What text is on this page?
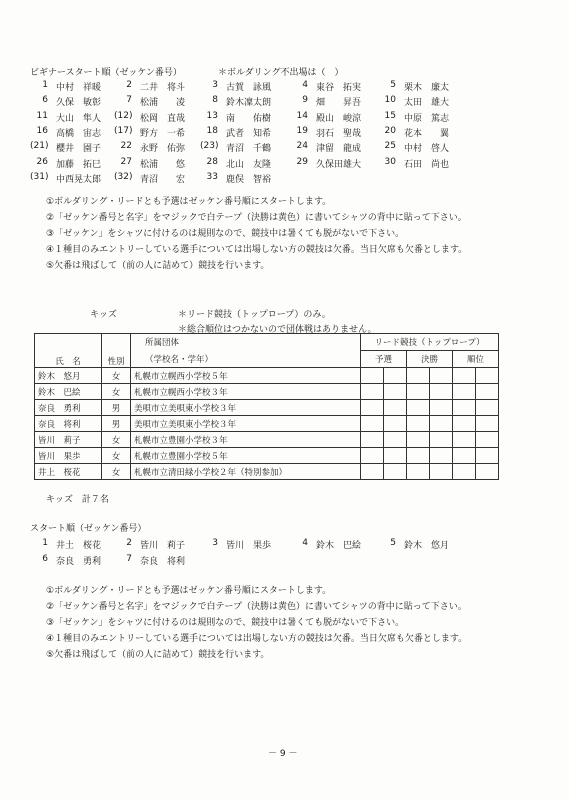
ビギナースタート順（ゼッケン番号）	＊ボルダリング不出場は（　）
1 中村　祥暖	2 二井　将斗	3 古賀　詠風	4 東谷　拓実	5 栗木　廉太
6 久保　敏彰	7 松浦　　凌	8 鈴木凜太朗	9 畑　　昇吾	10 太田　雄大
11 大山　隼人 (12) 松岡　直哉	13 南　　佑樹	14 殿山　峻涼	15 中原　篤志
16 高橋　宙志 (17) 野方　一希	18 武者　知希	19 羽石　聖哉	20 花本　　翼
(21) 櫻井　園子	22 永野　佑弥 (23) 青沼　千鶴	24 津留　龍成	25 中村　啓人
26 加藤　拓巳	27 松浦　　悠	28 北山　友隆	29 久保田雄大	30 石田　尚也
(31) 中西晃太郎 (32) 青沼　　宏	33 鹿俣　智裕
①ボルダリング・リードとも予選はゼッケン番号順にスタートします。
②「ゼッケン番号と名字」をマジックで白テープ（決勝は黄色）に書いてシャツの背中に貼って下さい。
③「ゼッケン」をシャツに付けるのは規則なので、競技中は暑くても脱がないで下さい。
④１種目のみエントリーしている選手については出場しない方の競技は欠番。当日欠席も欠番とします。
⑤欠番は飛ばして（前の人に詰めて）競技を行います。
キッズ	＊リード競技（トップロープ）のみ。
＊総合順位はつかないので団体戦はありません。
氏　名	性別	所属団体	リード競技（トップロープ）					
		（学校名・学年）	予選		決勝		順位	
鈴木　悠月	女	札幌市立幌西小学校５年						
鈴木　巴絵	女	札幌市立幌西小学校３年						
奈良　勇利	男	美唄市立美唄東小学校３年						
奈良　将利	男	美唄市立美唄東小学校３年						
皆川　莉子	女	札幌市立豊園小学校３年						
皆川　果歩	女	札幌市立豊園小学校５年						
井上　桜花	女	札幌市立清田緑小学校２年（特別参加）						
キッズ　計７名
スタート順（ゼッケン番号）
1 井土　桜花	2 皆川　莉子	3 皆川　果歩	4 鈴木　巴絵	5 鈴木　悠月
6 奈良　勇利	7 奈良　将利
①ボルダリング・リードとも予選はゼッケン番号順にスタートします。
②「ゼッケン番号と名字」をマジックで白テープ（決勝は黄色）に書いてシャツの背中に貼って下さい。
③「ゼッケン」をシャツに付けるのは規則なので、競技中は暑くても脱がないで下さい。
④１種目のみエントリーしている選手については出場しない方の競技は欠番。当日欠席も欠番とします。
⑤欠番は飛ばして（前の人に詰めて）競技を行います。
－ 9 －
